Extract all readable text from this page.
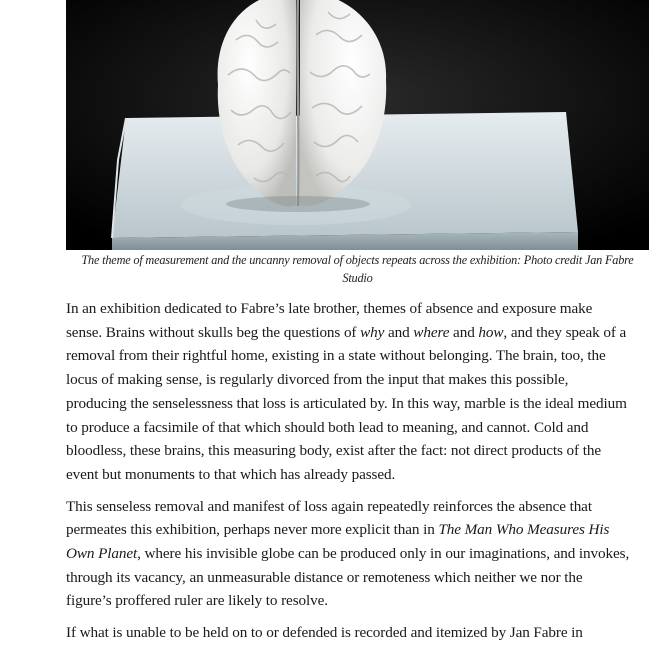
The theme of measurement and the uncanny removal of objects repeats across the exhibition: Photo credit Jan Fabre
Studio

In an exhibition dedicated to Fabre’s late brother, themes of absence and exposure make
sense. Brains without skulls beg the questions of why and where and how, and they speak of a
removal from their rightful home, existing in a state without belonging. The brain, too, the
locus of making sense, is regularly divorced from the input that makes this possible,
producing the senselessness that loss is articulated by. In this way, marble is the ideal medium
to produce a facsimile of that which should both lead to meaning, and cannot. Cold and
bloodless, these brains, this measuring body, exist after the fact: not direct products of the
event but monuments to that which has already passed.

This senseless removal and manifest of loss again repeatedly reinforces the absence that
permeates this exhibition, perhaps never more explicit than in The Man Who Measures His
Own Planet, where his invisible globe can be produced only in our imaginations, and invokes,
through its vacancy, an unmeasurable distance or remoteness which neither we nor the
figure’s proffered ruler are likely to resolve.

If what is unable to be held on to or defended is recorded and itemized by Jan Fabre in
